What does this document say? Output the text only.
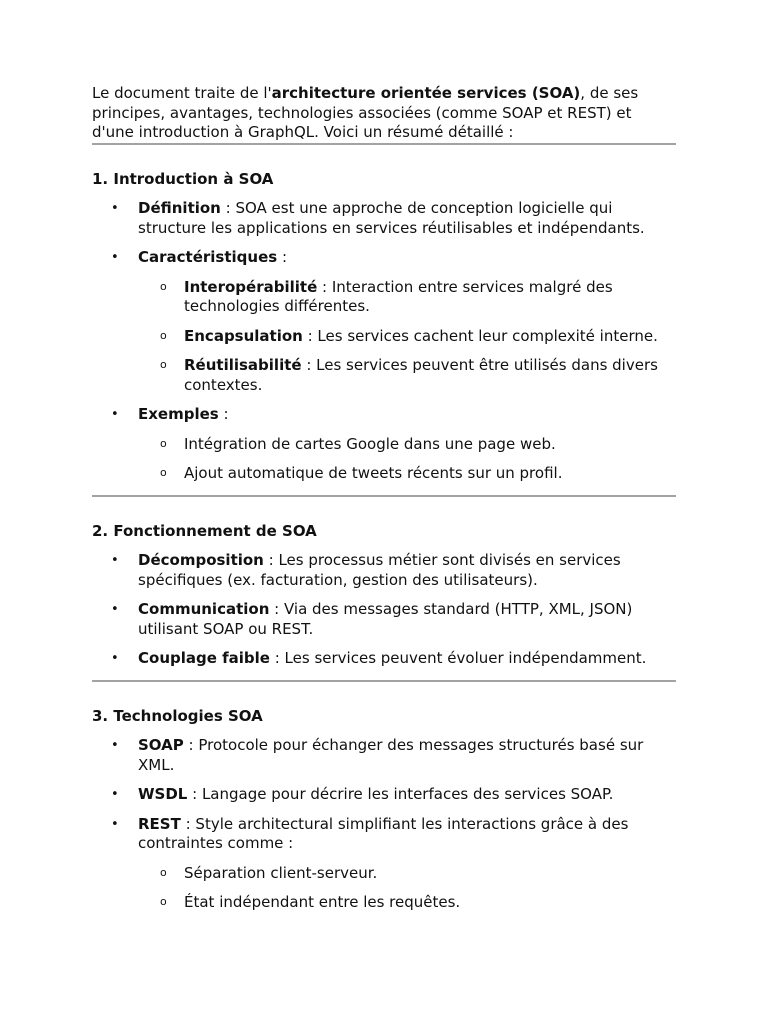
Le document traite de l'architecture orientée services (SOA), de ses
principes, avantages, technologies associées (comme SOAP et REST) et
d'une introduction à GraphQL. Voici un résumé détaillé :

1. Introduction à SOA
• Définition : SOA est une approche de conception logicielle qui
structure les applications en services réutilisables et indépendants.
• Caractéristiques :
o Interopérabilité : Interaction entre services malgré des
technologies différentes.
o Encapsulation : Les services cachent leur complexité interne.
o Réutilisabilité : Les services peuvent être utilisés dans divers
contextes.
• Exemples :
o Intégration de cartes Google dans une page web.
o Ajout automatique de tweets récents sur un profil.
2. Fonctionnement de SOA
• Décomposition : Les processus métier sont divisés en services
spécifiques (ex. facturation, gestion des utilisateurs).
• Communication : Via des messages standard (HTTP, XML, JSON)
utilisant SOAP ou REST.
• Couplage faible : Les services peuvent évoluer indépendamment.
3. Technologies SOA
• SOAP : Protocole pour échanger des messages structurés basé sur
XML.
• WSDL : Langage pour décrire les interfaces des services SOAP.
• REST : Style architectural simplifiant les interactions grâce à des
contraintes comme :
o Séparation client-serveur.
o État indépendant entre les requêtes.
